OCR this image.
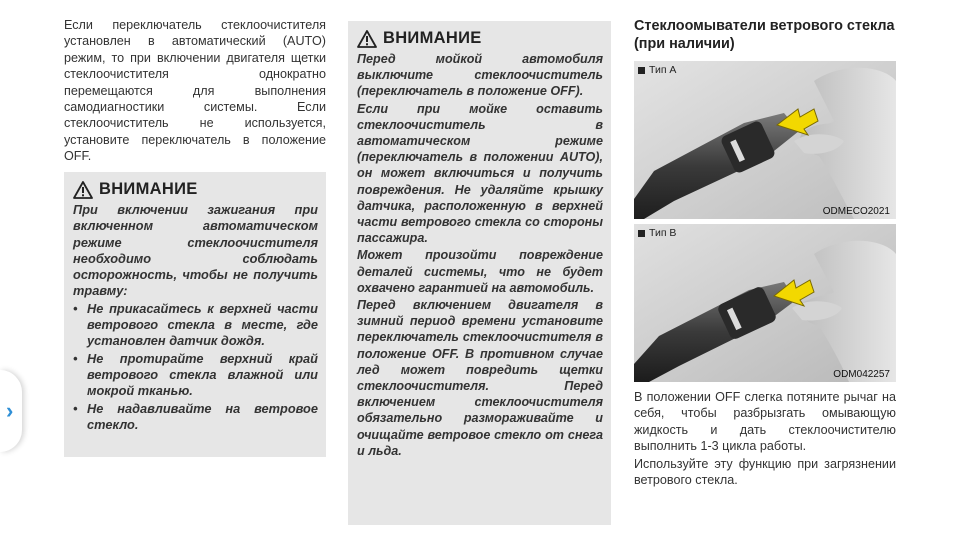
Если переключатель стеклоочистителя установлен в автоматический (AUTO) режим, то при включении двигателя щетки стеклоочистителя однократно перемещаются для выполнения самодиагностики системы. Если стеклоочиститель не используется, установите переключатель в положение OFF.
ВНИМАНИЕ

При включении зажигания при включенном автоматическом режиме стеклоочистителя необходимо соблюдать осторожность, чтобы не получить травму:

• Не прикасайтесь к верхней части ветрового стекла в месте, где установлен датчик дождя.
• Не протирайте верхний край ветрового стекла влажной или мокрой тканью.
• Не надавливайте на ветровое стекло.
ВНИМАНИЕ

Перед мойкой автомобиля выключите стеклоочиститель (переключатель в положение OFF).

Если при мойке оставить стеклоочиститель в автоматическом режиме (переключатель в положении AUTO), он может включиться и получить повреждения. Не удаляйте крышку датчика, расположенную в верхней части ветрового стекла со стороны пассажира.

Может произойти повреждение деталей системы, что не будет охвачено гарантией на автомобиль.

Перед включением двигателя в зимний период времени установите переключатель стеклоочистителя в положение OFF. В противном случае лед может повредить щетки стеклоочистителя. Перед включением стеклоочистителя обязательно размораживайте и очищайте ветровое стекло от снега и льда.

Стеклоомыватели ветрового стекла (при наличии)
Тип A
ODMECO2021
Тип B
ODM042257

В положении OFF слегка потяните рычаг на себя, чтобы разбрызгать омывающую жидкость и дать стеклоочистителю выполнить 1-3 цикла работы.

Используйте эту функцию при загрязнении ветрового стекла.

›
